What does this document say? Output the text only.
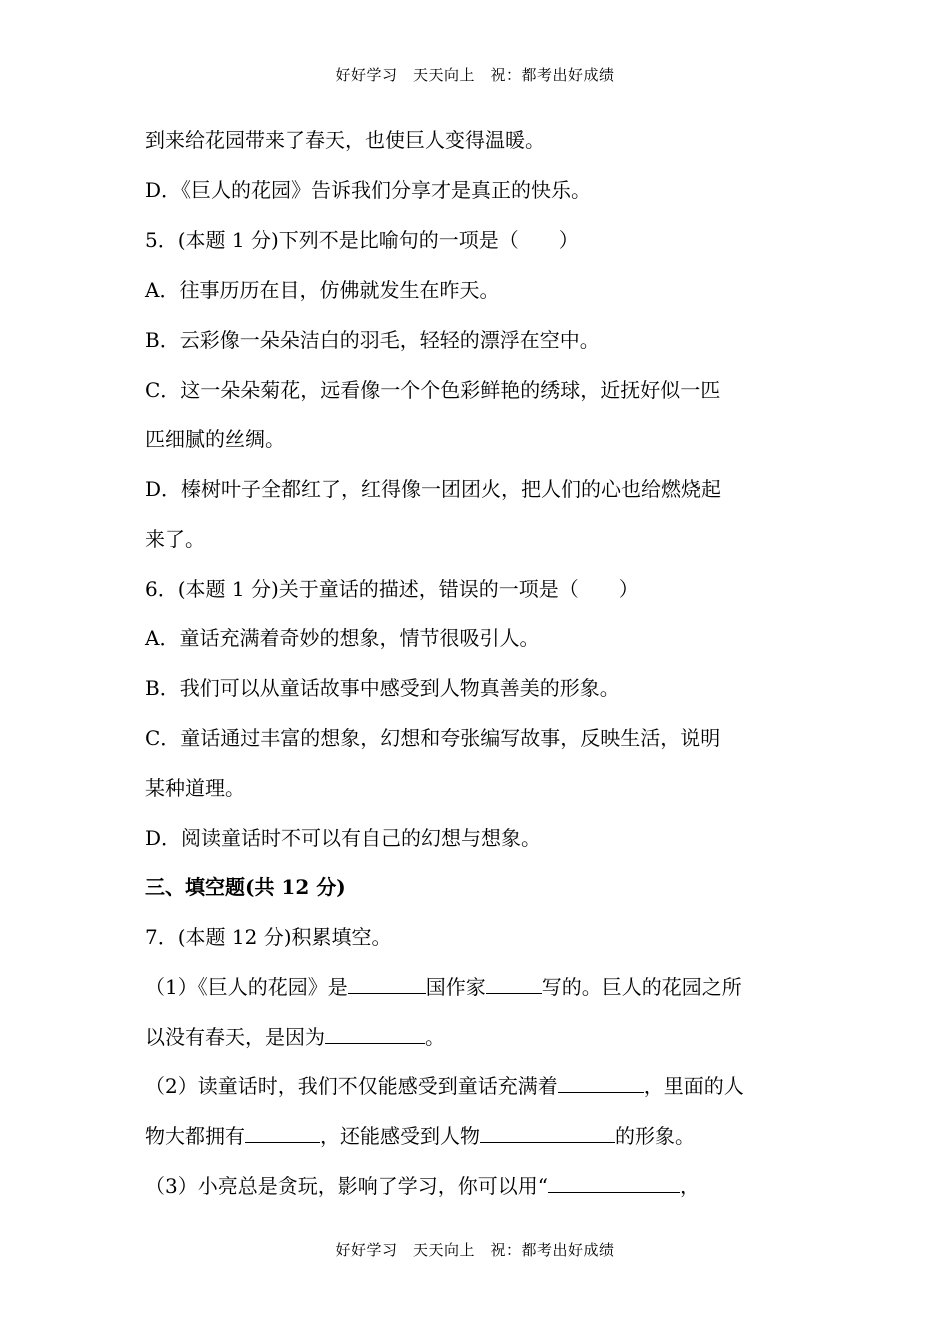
好好学习　天天向上　祝：都考出好成绩
到来给花园带来了春天，也使巨人变得温暖。
D．《巨人的花园》告诉我们分享才是真正的快乐。
5．(本题 1 分)下列不是比喻句的一项是（　　）
A．往事历历在目，仿佛就发生在昨天。
B．云彩像一朵朵洁白的羽毛，轻轻的漂浮在空中。
C．这一朵朵菊花，远看像一个个色彩鲜艳的绣球，近抚好似一匹
匹细腻的丝绸。
D．榛树叶子全都红了，红得像一团团火，把人们的心也给燃烧起
来了。
6．(本题 1 分)关于童话的描述，错误的一项是（　　）
A．童话充满着奇妙的想象，情节很吸引人。
B．我们可以从童话故事中感受到人物真善美的形象。
C．童话通过丰富的想象，幻想和夸张编写故事，反映生活，说明
某种道理。
D．阅读童话时不可以有自己的幻想与想象。
三、填空题(共 12 分)
7．(本题 12 分)积累填空。
（1）《巨人的花园》是	国作家	写的。巨人的花园之所
以没有春天，是因为	。
（2）读童话时，我们不仅能感受到童话充满着	，里面的人
物大都拥有	，还能感受到人物	的形象。
（3）小亮总是贪玩，影响了学习，你可以用“	，
好好学习　天天向上　祝：都考出好成绩
